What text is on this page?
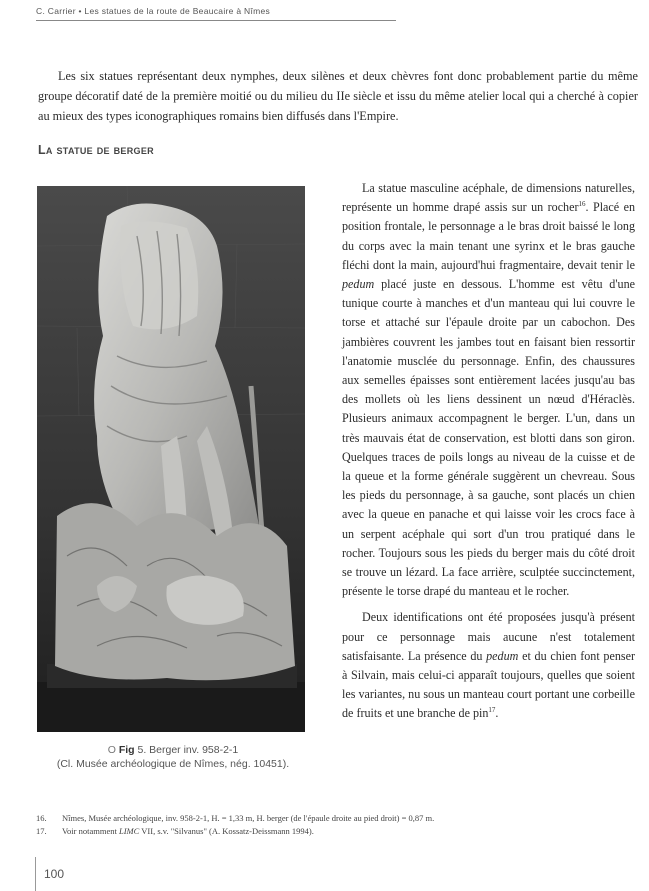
C. Carrier • Les statues de la route de Beaucaire à Nîmes

Les six statues représentant deux nymphes, deux silènes et deux chèvres font donc probablement partie du même groupe décoratif daté de la première moitié ou du milieu du IIe siècle et issu du même atelier local qui a cherché à copier au mieux des types iconographiques romains bien diffusés dans l'Empire.

La statue de berger
O Fig 5. Berger inv. 958-2-1
(Cl. Musée archéologique de Nîmes, nég. 10451).

La statue masculine acéphale, de dimensions naturelles, représente un homme drapé assis sur un rocher$^{16}$. Placé en position frontale, le personnage a le bras droit baissé le long du corps avec la main tenant une syrinx et le bras gauche fléchi dont la main, aujourd'hui fragmentaire, devait tenir le pedum placé juste en dessous. L'homme est vêtu d'une tunique courte à manches et d'un manteau qui lui couvre le torse et attaché sur l'épaule droite par un cabochon. Des jambières couvrent les jambes tout en faisant bien ressortir l'anatomie musclée du personnage. Enfin, des chaussures aux semelles épaisses sont entièrement lacées jusqu'au bas des mollets où les liens dessinent un nœud d'Héraclès. Plusieurs animaux accompagnent le berger. L'un, dans un très mauvais état de conservation, est blotti dans son giron. Quelques traces de poils longs au niveau de la cuisse et de la queue et la forme générale suggèrent un chevreau. Sous les pieds du personnage, à sa gauche, sont placés un chien avec la queue en panache et qui laisse voir les crocs face à un serpent acéphale qui sort d'un trou pratiqué dans le rocher. Toujours sous les pieds du berger mais du côté droit se trouve un lézard. La face arrière, sculptée succinctement, présente le torse drapé du manteau et le rocher.

Deux identifications ont été proposées jusqu'à présent pour ce personnage mais aucune n'est totalement satisfaisante. La présence du pedum et du chien font penser à Silvain, mais celui-ci apparaît toujours, quelles que soient les variantes, nu sous un manteau court portant une corbeille de fruits et une branche de pin$^{17}$.

16.	Nîmes, Musée archéologique, inv. 958-2-1, H. = 1,33 m, H. berger (de l'épaule droite au pied droit) = 0,87 m.
17.	Voir notamment LIMC VII, s.v. "Silvanus" (A. Kossatz-Deissmann 1994).
100
